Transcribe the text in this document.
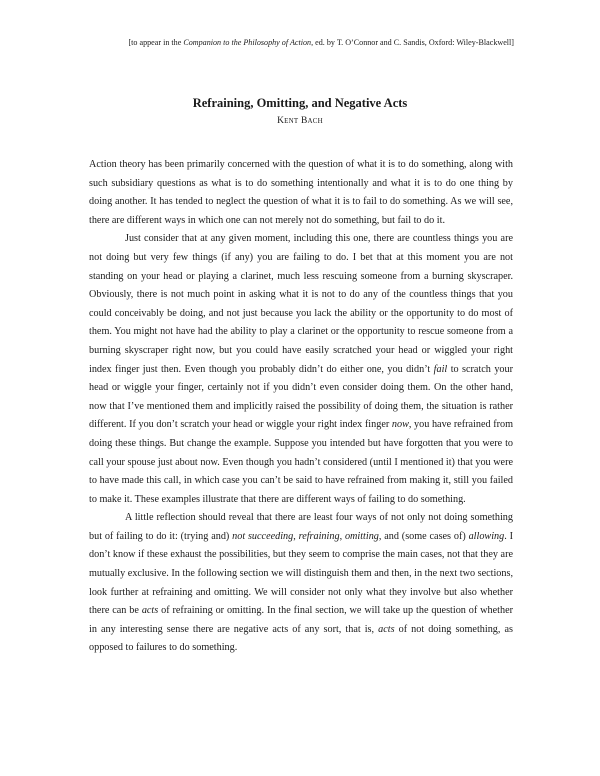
[to appear in the Companion to the Philosophy of Action, ed. by T. O’Connor and C. Sandis, Oxford: Wiley-Blackwell]
Refraining, Omitting, and Negative Acts
Kent Bach

Action theory has been primarily concerned with the question of what it is to do something, along with such subsidiary questions as what is to do something intentionally and what it is to do one thing by doing another. It has tended to neglect the question of what it is to fail to do something. As we will see, there are different ways in which one can not merely not do something, but fail to do it.

Just consider that at any given moment, including this one, there are countless things you are not doing but very few things (if any) you are failing to do. I bet that at this moment you are not standing on your head or playing a clarinet, much less rescuing someone from a burning skyscraper. Obviously, there is not much point in asking what it is not to do any of the countless things that you could conceivably be doing, and not just because you lack the ability or the opportunity to do most of them. You might not have had the ability to play a clarinet or the opportunity to rescue someone from a burning skyscraper right now, but you could have easily scratched your head or wiggled your right index finger just then. Even though you probably didn’t do either one, you didn’t fail to scratch your head or wiggle your finger, certainly not if you didn’t even consider doing them. On the other hand, now that I’ve mentioned them and implicitly raised the possibility of doing them, the situation is rather different. If you don’t scratch your head or wiggle your right index finger now, you have refrained from doing these things. But change the example. Suppose you intended but have forgotten that you were to call your spouse just about now. Even though you hadn’t considered (until I mentioned it) that you were to have made this call, in which case you can’t be said to have refrained from making it, still you failed to make it. These examples illustrate that there are different ways of failing to do something.

A little reflection should reveal that there are least four ways of not only not doing something but of failing to do it: (trying and) not succeeding, refraining, omitting, and (some cases of) allowing. I don’t know if these exhaust the possibilities, but they seem to comprise the main cases, not that they are mutually exclusive. In the following section we will distinguish them and then, in the next two sections, look further at refraining and omitting. We will consider not only what they involve but also whether there can be acts of refraining or omitting. In the final section, we will take up the question of whether in any interesting sense there are negative acts of any sort, that is, acts of not doing something, as opposed to failures to do something.
